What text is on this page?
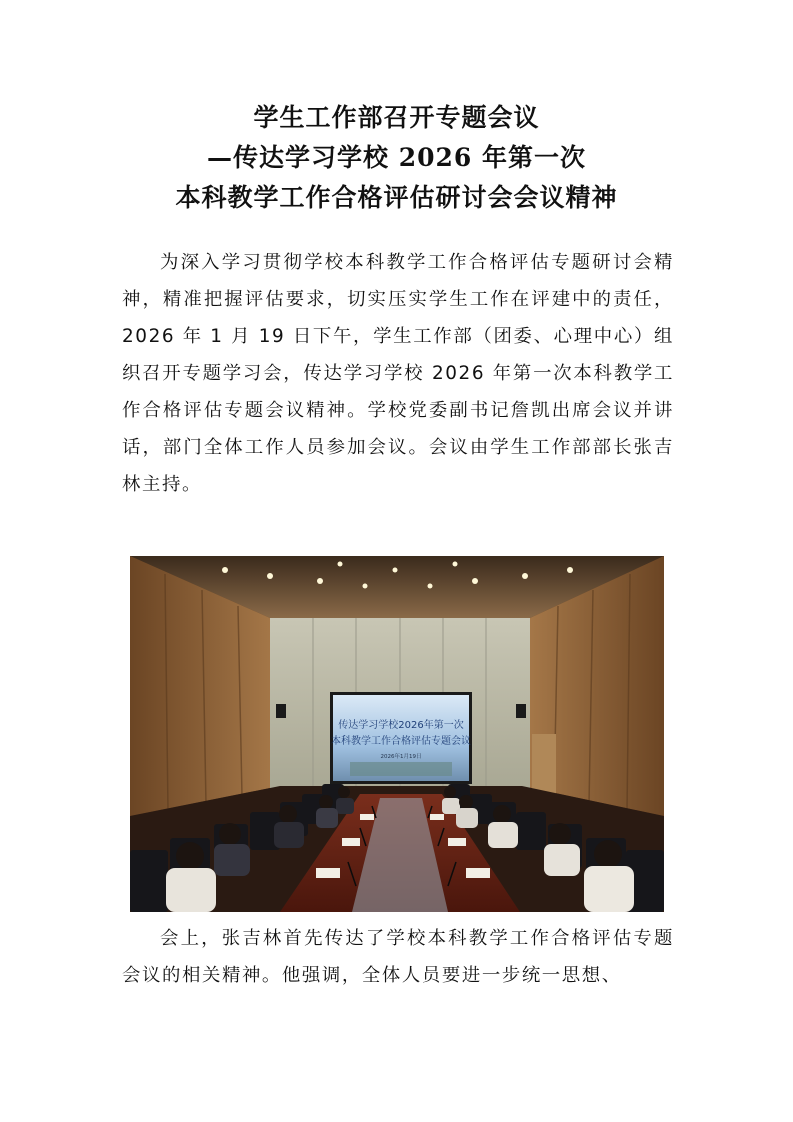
学生工作部召开专题会议
—传达学习学校 2026 年第一次
本科教学工作合格评估研讨会会议精神

为深入学习贯彻学校本科教学工作合格评估专题研讨会精神，精准把握评估要求，切实压实学生工作在评建中的责任，2026 年 1 月 19 日下午，学生工作部（团委、心理中心）组织召开专题学习会，传达学习学校 2026 年第一次本科教学工作合格评估专题会议精神。学校党委副书记詹凯出席会议并讲话，部门全体工作人员参加会议。会议由学生工作部部长张吉林主持。

传达学习学校2026年第一次
本科教学工作合格评估专题会议
2026年1月19日

会上，张吉林首先传达了学校本科教学工作合格评估专题会议的相关精神。他强调，全体人员要进一步统一思想、
